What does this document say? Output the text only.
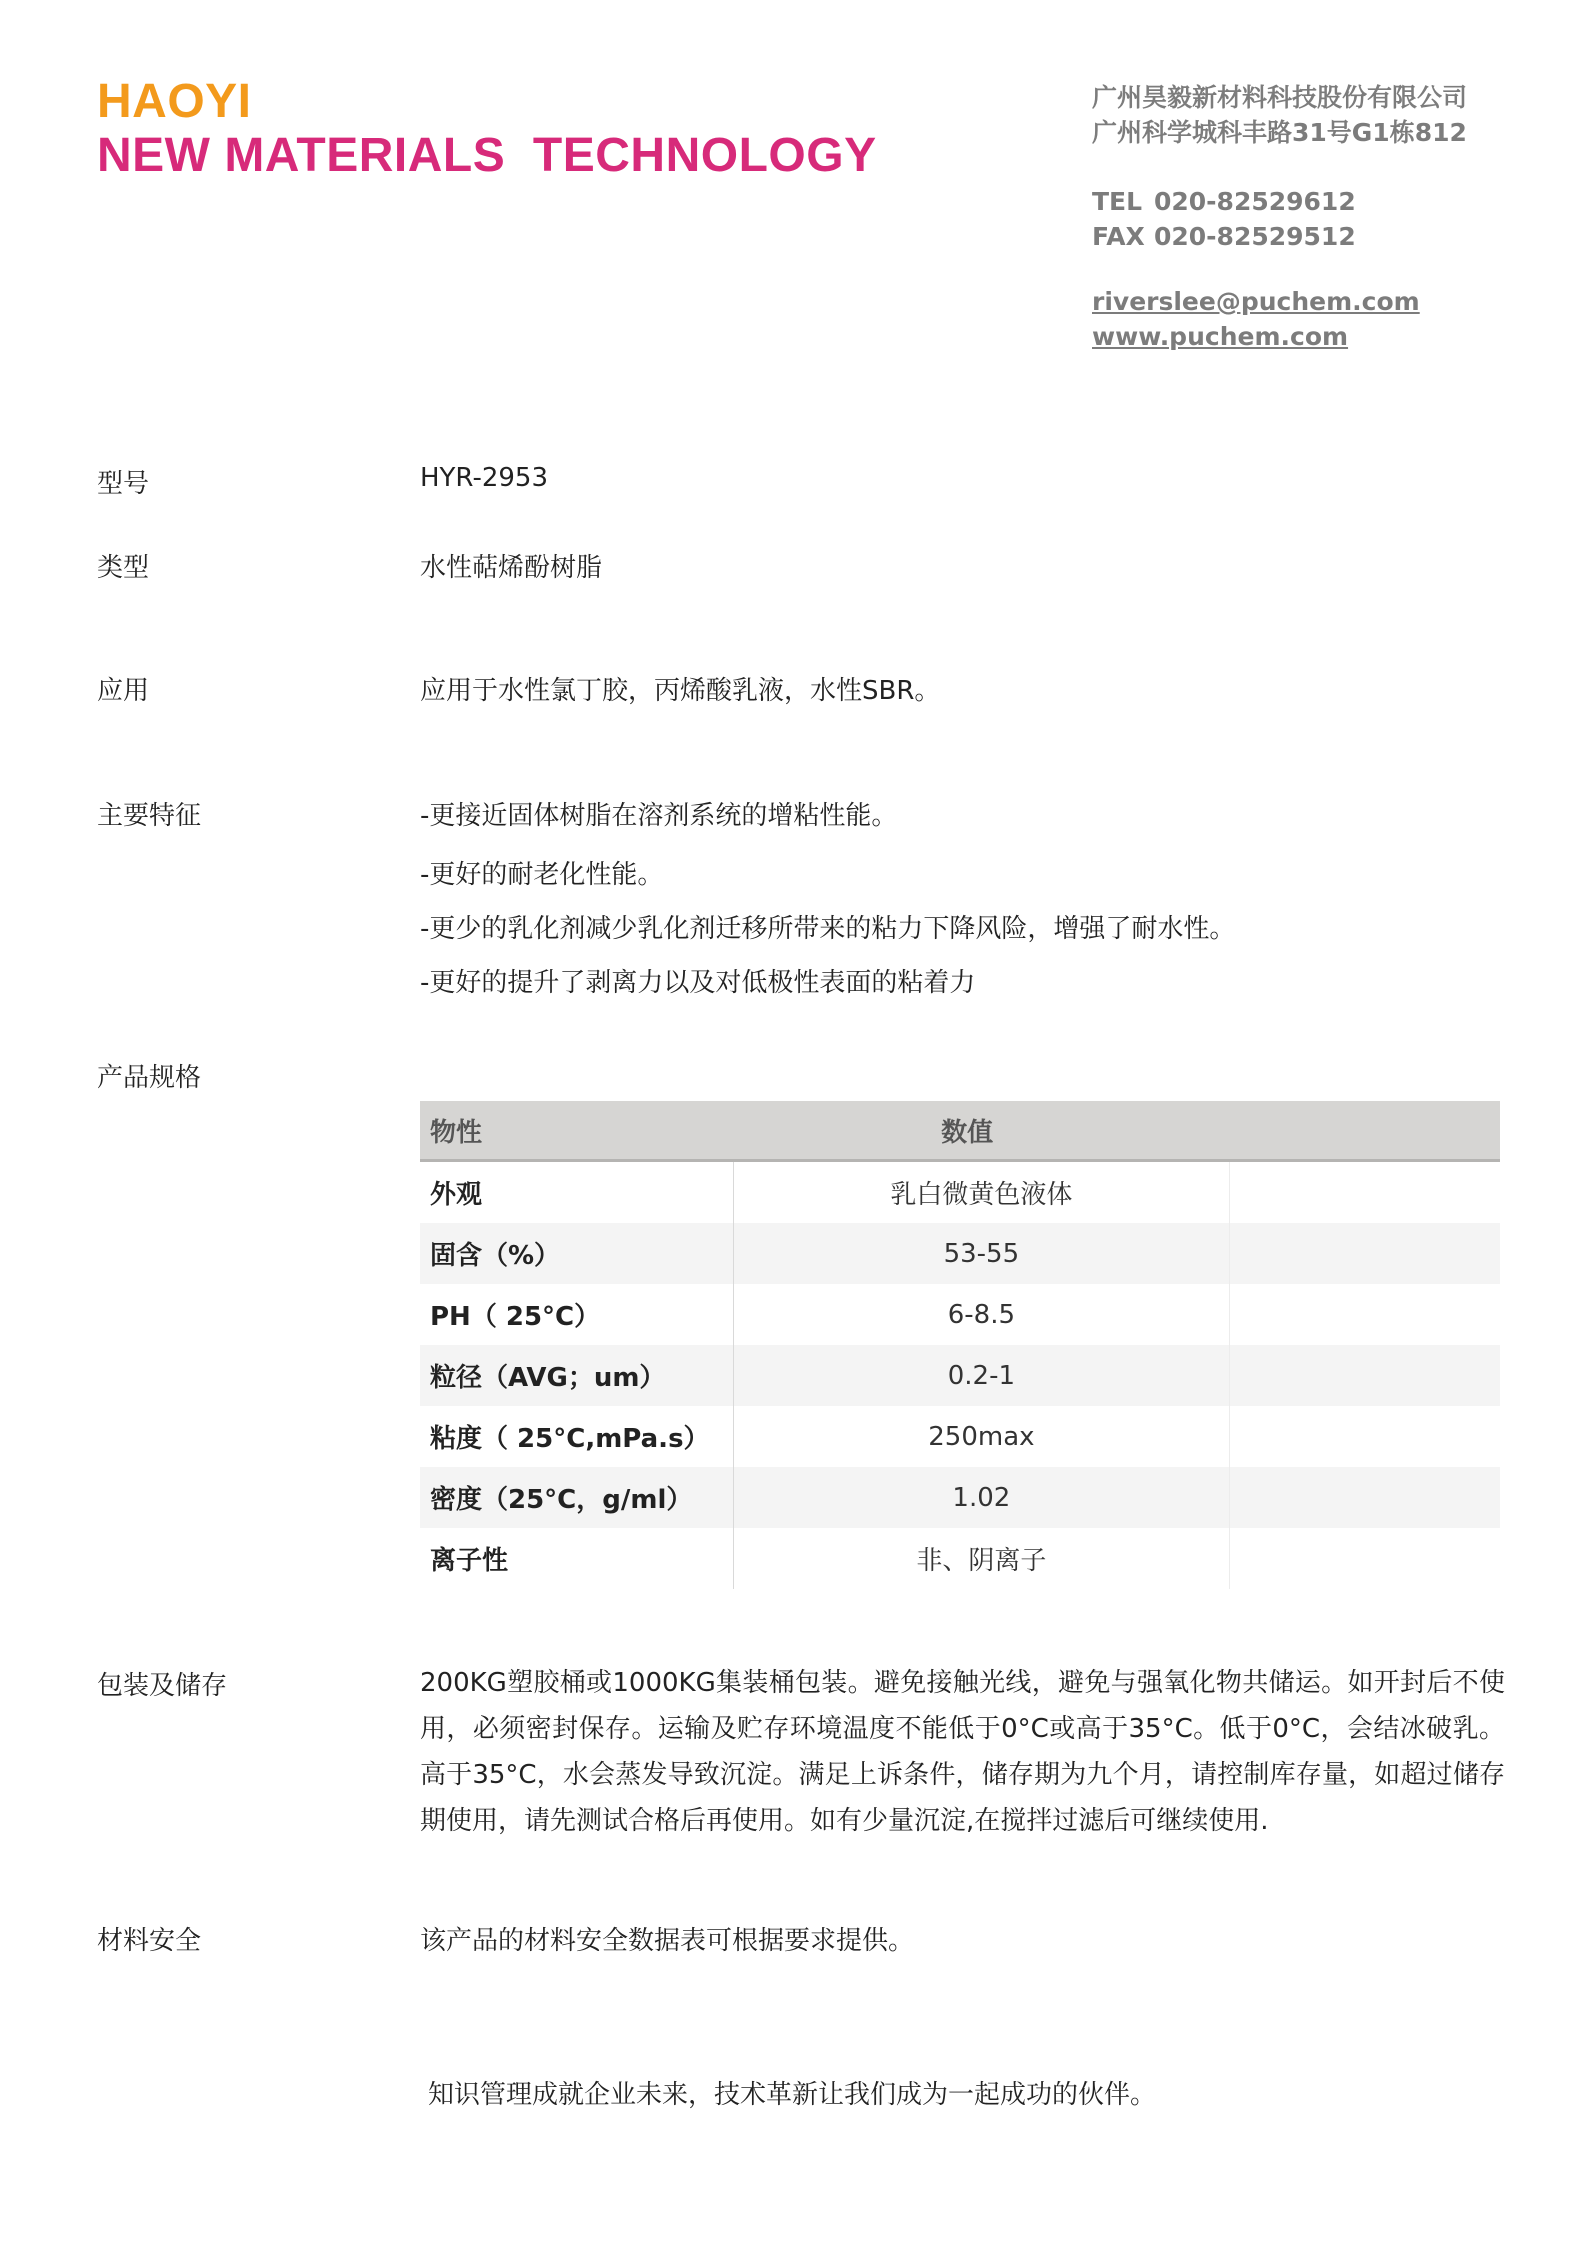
HAOYI
NEW MATERIALS  TECHNOLOGY
广州昊毅新材料科技股份有限公司
广州科学城科丰路31号G1栋812
TEL 020-82529612
FAX 020-82529512
riverslee@puchem.com
www.puchem.com
型号	HYR-2953
类型	水性萜烯酚树脂
应用	应用于水性氯丁胶，丙烯酸乳液，水性SBR。
主要特征	-更接近固体树脂在溶剂系统的增粘性能。
-更好的耐老化性能。
-更少的乳化剂减少乳化剂迁移所带来的粘力下降风险，增强了耐水性。
-更好的提升了剥离力以及对低极性表面的粘着力
产品规格
物性	数值	
外观	乳白微黄色液体	
固含（%）	53-55	
PH（ 25°C）	6-8.5	
粒径（AVG；um）	0.2-1	
粘度（ 25°C,mPa.s）	250max	
密度（25°C，g/ml）	1.02	
离子性	非、阴离子	
包装及储存	200KG塑胶桶或1000KG集装桶包装。避免接触光线，避免与强氧化物共储运。如开封后不使用，必须密封保存。运输及贮存环境温度不能低于0°C或高于35°C。低于0°C，会结冰破乳。高于35°C，水会蒸发导致沉淀。满足上诉条件，储存期为九个月，请控制库存量，如超过储存期使用，请先测试合格后再使用。如有少量沉淀,在搅拌过滤后可继续使用.
材料安全	该产品的材料安全数据表可根据要求提供。
知识管理成就企业未来，技术革新让我们成为一起成功的伙伴。
